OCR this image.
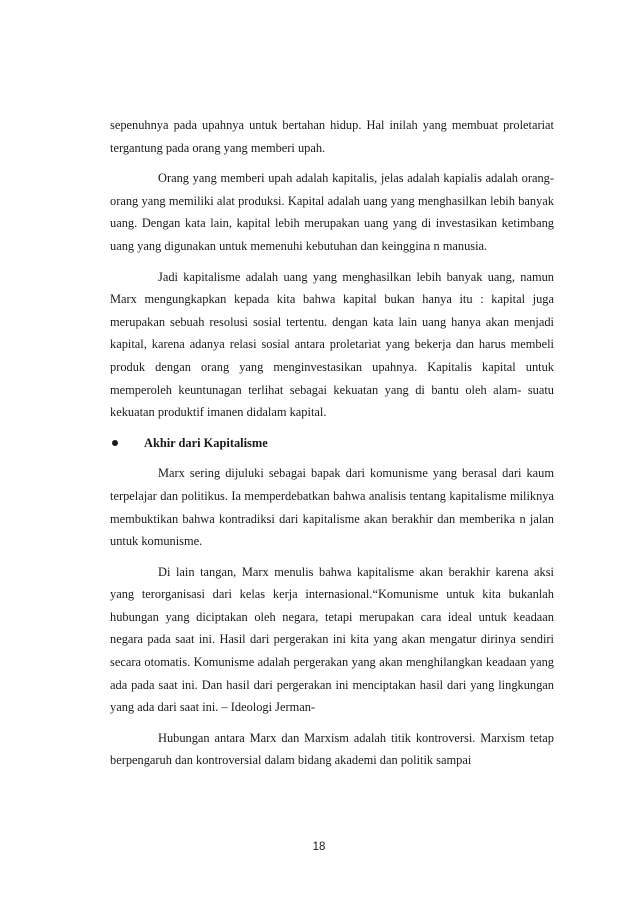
sepenuhnya pada upahnya untuk bertahan hidup. Hal inilah yang membuat proletariat tergantung pada orang yang memberi upah.

Orang yang memberi upah adalah kapitalis, jelas adalah kapialis adalah orang-orang yang memiliki alat produksi. Kapital adalah uang yang menghasilkan lebih banyak uang. Dengan kata lain, kapital lebih merupakan uang yang di investasikan ketimbang uang yang digunakan untuk memenuhi kebutuhan dan keinggina n manusia.

Jadi kapitalisme adalah uang yang menghasilkan lebih banyak uang, namun Marx mengungkapkan kepada kita bahwa kapital bukan hanya itu : kapital juga merupakan sebuah resolusi sosial tertentu. dengan kata lain uang hanya akan menjadi kapital, karena adanya relasi sosial antara proletariat yang bekerja dan harus membeli produk dengan orang yang menginvestasikan upahnya. Kapitalis kapital untuk memperoleh keuntunagan terlihat sebagai kekuatan yang di bantu oleh alam- suatu kekuatan produktif imanen didalam kapital.

Akhir dari Kapitalisme

Marx sering dijuluki sebagai bapak dari komunisme yang berasal dari kaum terpelajar dan politikus. Ia memperdebatkan bahwa analisis tentang kapitalisme miliknya membuktikan bahwa kontradiksi dari kapitalisme akan berakhir dan memberika n jalan untuk komunisme.

Di lain tangan, Marx menulis bahwa kapitalisme akan berakhir karena aksi yang terorganisasi dari kelas kerja internasional.“Komunisme untuk kita bukanlah hubungan yang diciptakan oleh negara, tetapi merupakan cara ideal untuk keadaan negara pada saat ini. Hasil dari pergerakan ini kita yang akan mengatur dirinya sendiri secara otomatis. Komunisme adalah pergerakan yang akan menghilangkan keadaan yang ada pada saat ini. Dan hasil dari pergerakan ini menciptakan hasil dari yang lingkungan yang ada dari saat ini. – Ideologi Jerman-

Hubungan antara Marx dan Marxism adalah titik kontroversi. Marxism tetap berpengaruh dan kontroversial dalam bidang akademi dan politik sampai

18
